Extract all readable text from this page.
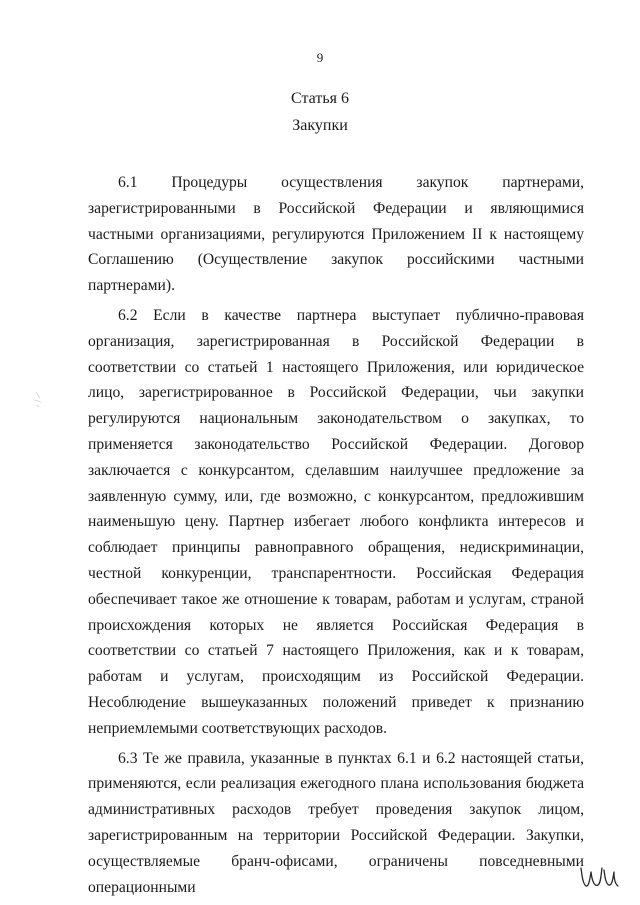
9
Статья 6
Закупки

6.1 Процедуры осуществления закупок партнерами, зарегистрированными в Российской Федерации и являющимися частными организациями, регулируются Приложением II к настоящему Соглашению (Осуществление закупок российскими частными партнерами).

6.2 Если в качестве партнера выступает публично-правовая организация, зарегистрированная в Российской Федерации в соответствии со статьей 1 настоящего Приложения, или юридическое лицо, зарегистрированное в Российской Федерации, чьи закупки регулируются национальным законодательством о закупках, то применяется законодательство Российской Федерации. Договор заключается с конкурсантом, сделавшим наилучшее предложение за заявленную сумму, или, где возможно, с конкурсантом, предложившим наименьшую цену. Партнер избегает любого конфликта интересов и соблюдает принципы равноправного обращения, недискриминации, честной конкуренции, транспарентности. Российская Федерация обеспечивает такое же отношение к товарам, работам и услугам, страной происхождения которых не является Российская Федерация в соответствии со статьей 7 настоящего Приложения, как и к товарам, работам и услугам, происходящим из Российской Федерации. Несоблюдение вышеуказанных положений приведет к признанию неприемлемыми соответствующих расходов.

6.3 Те же правила, указанные в пунктах 6.1 и 6.2 настоящей статьи, применяются, если реализация ежегодного плана использования бюджета административных расходов требует проведения закупок лицом, зарегистрированным на территории Российской Федерации. Закупки, осуществляемые бранч-офисами, ограничены повседневными операционными
